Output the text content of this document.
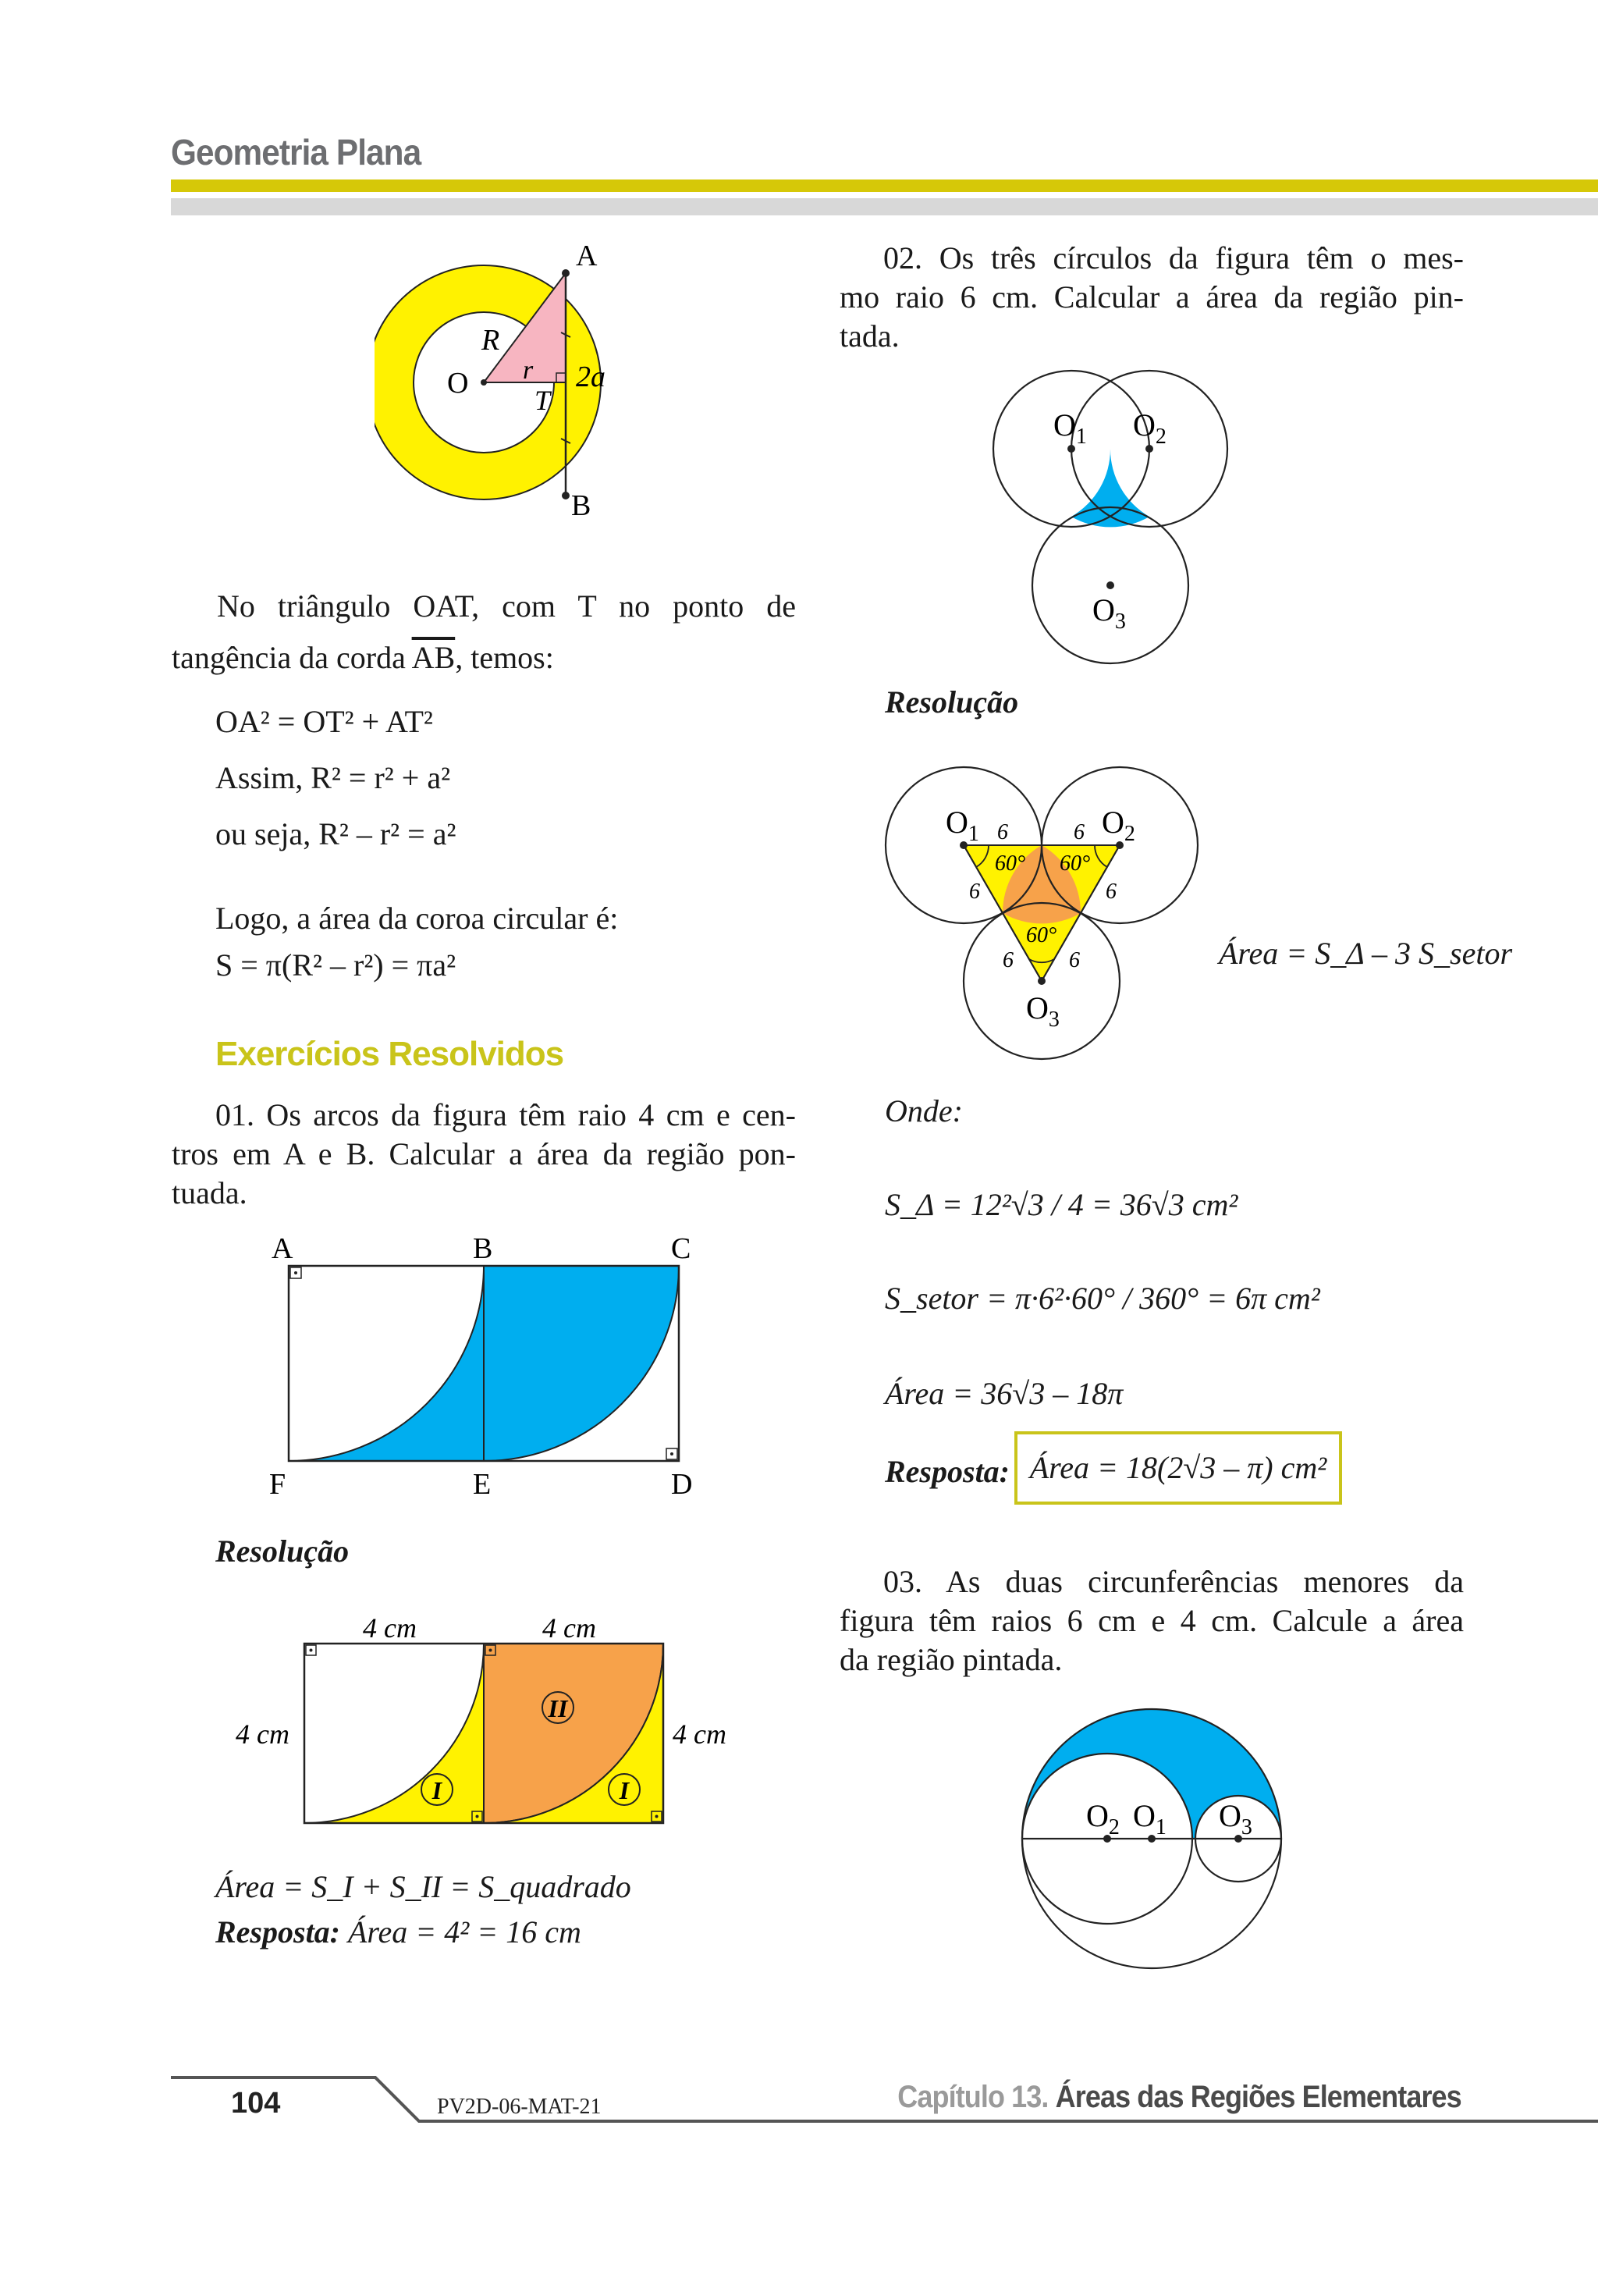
Geometria Plana
A
B
O
R
r
T
2a
No triângulo OAT, com T no ponto de
tangência da corda $\overline{AB}$, temos:
OA² = OT² + AT²
Assim, R² = r² + a²
ou seja, R² – r² = a²
Logo, a área da coroa circular é:
S = π(R² – r²) = πa²
Exercícios Resolvidos
01. Os arcos da figura têm raio 4 cm e cen-
tros em A e B. Calcular a área da região pon-
tuada.
A	B	C
F	E	D
Resolução
4 cm	4 cm
4 cm	4 cm
II
I	I
Área = S_I + S_II = S_quadrado
Resposta: Área = 4² = 16 cm
02. Os três círculos da figura têm o mes-
mo raio 6 cm. Calcular a área da região pin-
tada.
$O_1$ $O_2$
$O_3$
Resolução
$O_1$	$O_2$
$O_3$
6	6
6	6
6	6
60° 60°
60°
Área = S_Δ – 3 S_setor
Onde:
S_Δ = 12²√3 / 4 = 36√3 cm²
S_setor = π·6²·60° / 360° = 6π cm²
Área = 36√3 – 18π
Resposta: Área = 18(2√3 – π) cm²
03. As duas circunferências menores da
figura têm raios 6 cm e 4 cm. Calcule a área
da região pintada.
$O_2$ $O_1$ $O_3$
104	PV2D-06-MAT-21	Capítulo 13. Áreas das Regiões Elementares
